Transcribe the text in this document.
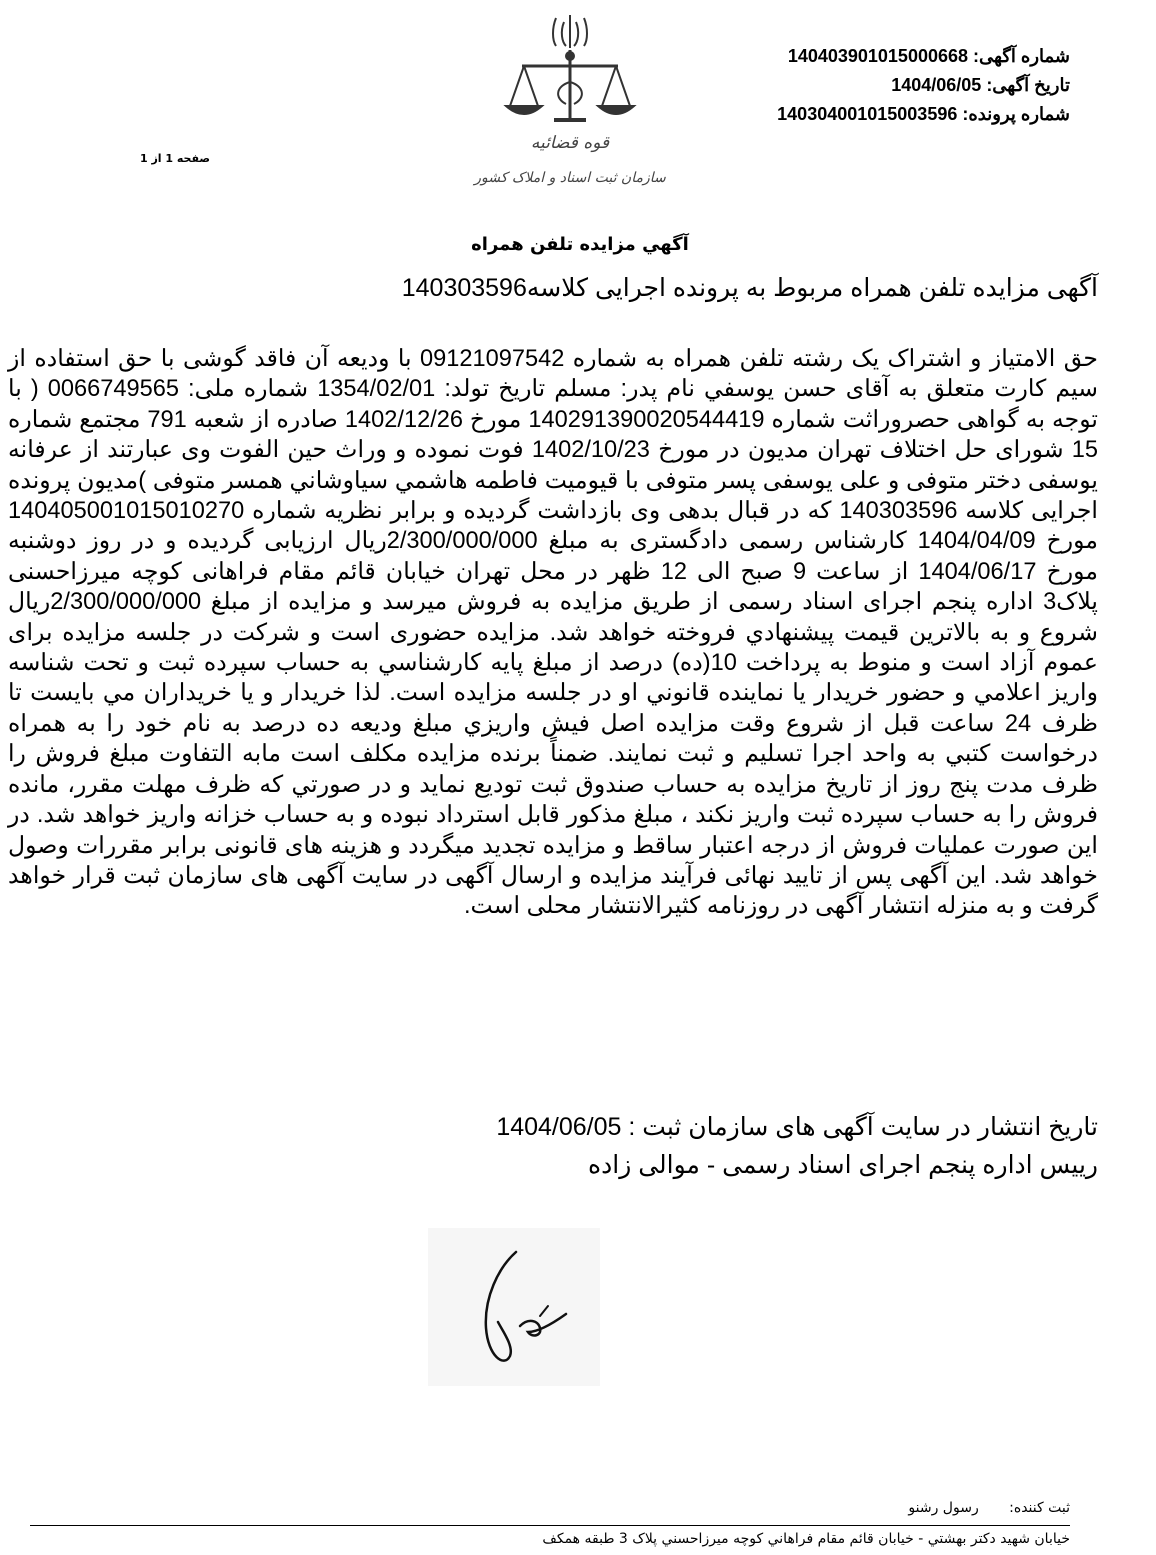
شماره آگهی: 140403901015000668
تاریخ آگهی: 1404/06/05
شماره پرونده: 140304001015003596
صفحه 1 از 1
قوه قضائیه
سازمان ثبت اسناد و املاک کشور
آگهي مزايده تلفن همراه
آگهی مزایده تلفن همراه مربوط به پرونده اجرایی کلاسه140303596
حق الامتیاز و اشتراک یک رشته تلفن همراه به شماره 09121097542 با ودیعه آن فاقد گوشی با حق استفاده از سیم کارت متعلق به آقای حسن يوسفي نام پدر: مسلم تاریخ تولد: 1354/02/01 شماره ملی: 0066749565 ( با توجه به گواهی حصروراثت شماره 140291390020544419 مورخ 1402/12/26 صادره از شعبه 791 مجتمع شماره 15 شورای حل اختلاف تهران مدیون در مورخ 1402/10/23 فوت نموده و وراث حین الفوت وی عبارتند از عرفانه یوسفی دختر متوفی و علی یوسفی پسر متوفی با قیومیت فاطمه هاشمي سیاوشاني همسر متوفی )مدیون پرونده اجرایی کلاسه 140303596 که در قبال بدهی وی بازداشت گردیده و برابر نظریه شماره 140405001015010270 مورخ 1404/04/09 کارشناس رسمی دادگستری به مبلغ 2/300/000/000ریال ارزیابی گردیده و در روز دوشنبه مورخ 1404/06/17 از ساعت 9 صبح الی 12 ظهر در محل تهران خیابان قائم مقام فراهانی کوچه میرزاحسنی پلاک3 اداره پنجم اجرای اسناد رسمی از طریق مزایده به فروش میرسد و مزایده از مبلغ 2/300/000/000ریال شروع و به بالاترین قیمت پیشنهادي فروخته خواهد شد. مزایده حضوری است و شرکت در جلسه مزایده برای عموم آزاد است و منوط به پرداخت 10(ده) درصد از مبلغ پایه کارشناسي به حساب سپرده ثبت و تحت شناسه واریز اعلامي و حضور خریدار یا نماینده قانوني او در جلسه مزایده است. لذا خریدار و یا خریداران مي بایست تا ظرف 24 ساعت قبل از شروع وقت مزایده اصل فیش واریزي مبلغ ودیعه ده درصد به نام خود را به همراه درخواست کتبي به واحد اجرا تسلیم و ثبت نمایند. ضمناً برنده مزایده مکلف است مابه التفاوت مبلغ فروش را ظرف مدت پنج روز از تاریخ مزایده به حساب صندوق ثبت تودیع نماید و در صورتي که ظرف مهلت مقرر، مانده فروش را به حساب سپرده ثبت واریز نکند ، مبلغ مذکور قابل استرداد نبوده و به حساب خزانه واریز خواهد شد. در این صورت عملیات فروش از درجه اعتبار ساقط و مزایده تجدید میگردد و هزینه های قانونی برابر مقررات وصول خواهد شد. این آگهی پس از تایید نهائی فرآیند مزایده و ارسال آگهی در سایت آگهی های سازمان ثبت قرار خواهد گرفت و به منزله انتشار آگهی در روزنامه کثیرالانتشار محلی است.
تاریخ انتشار در سایت آگهی های سازمان ثبت : 1404/06/05
رییس اداره پنجم اجرای اسناد رسمی - موالی زاده
ثبت کننده: رسول رشنو
خيابان شهيد دکتر بهشتي - خيابان قائم مقام فراهاني کوچه ميرزاحسني پلاک 3 طبقه همکف
